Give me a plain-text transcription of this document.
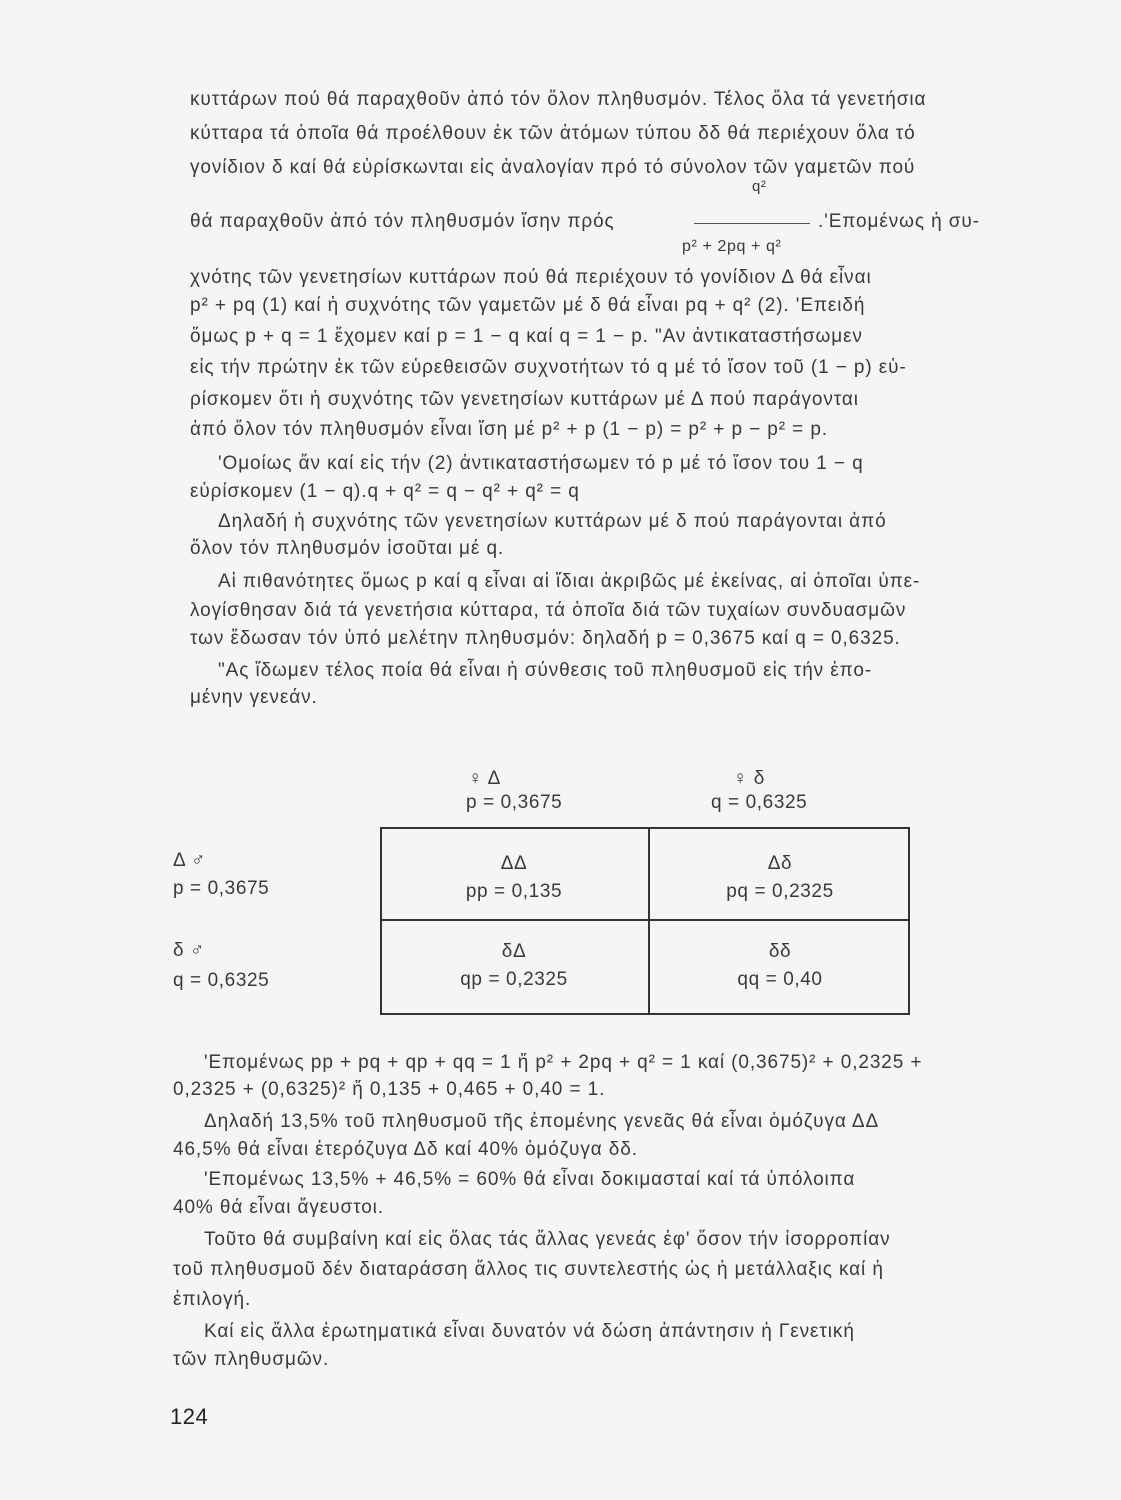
κυττάρων πού θά παραχθοῦν ἀπό τόν ὅλον πληθυσμόν. Τέλος ὅλα τά γενετήσια
κύτταρα τά ὁποῖα θά προέλθουν ἐκ τῶν ἀτόμων τύπου δδ θά περιέχουν ὅλα τό
γονίδιον δ καί θά εὑρίσκωνται εἰς ἀναλογίαν πρό τό σύνολον τῶν γαμετῶν πού
q²
θά παραχθοῦν ἀπό τόν πληθυσμόν ἴσην πρός	.'Επομένως ἡ συ-
p² + 2pq + q²
χνότης τῶν γενετησίων κυττάρων πού θά περιέχουν τό γονίδιον Δ θά εἶναι
p² + pq (1) καί ἡ συχνότης τῶν γαμετῶν μέ δ θά εἶναι pq + q² (2). 'Επειδή
ὅμως p + q = 1 ἔχομεν καί p = 1 − q καί q = 1 − p. "Αν ἀντικαταστήσωμεν
εἰς τήν πρώτην ἐκ τῶν εὑρεθεισῶν συχνοτήτων τό q μέ τό ἴσον τοῦ (1 − p) εὑ-
ρίσκομεν ὅτι ἡ συχνότης τῶν γενετησίων κυττάρων μέ Δ πού παράγονται
ἀπό ὅλον τόν πληθυσμόν εἶναι ἴση μέ p² + p (1 − p) = p² + p − p² = p.
'Ομοίως ἄν καί εἰς τήν (2) ἀντικαταστήσωμεν τό p μέ τό ἴσον του 1 − q
εὑρίσκομεν (1 − q).q + q² = q − q² + q² = q
Δηλαδή ἡ συχνότης τῶν γενετησίων κυττάρων μέ δ πού παράγονται ἀπό
ὅλον τόν πληθυσμόν ἰσοῦται μέ q.
Αἱ πιθανότητες ὅμως p καί q εἶναι αἱ ἴδιαι ἀκριβῶς μέ ἐκείνας, αἱ ὁποῖαι ὑπε-
λογίσθησαν διά τά γενετήσια κύτταρα, τά ὁποῖα διά τῶν τυχαίων συνδυασμῶν
των ἔδωσαν τόν ὑπό μελέτην πληθυσμόν: δηλαδή p = 0,3675 καί q = 0,6325.
"Ας ἴδωμεν τέλος ποία θά εἶναι ἡ σύνθεσις τοῦ πληθυσμοῦ εἰς τήν ἑπο-
μένην γενεάν.
♀ Δ
p = 0,3675
♀ δ
q = 0,6325
Δ ♂
p = 0,3675
δ ♂
q = 0,6325
ΔΔ
pp = 0,135
Δδ
pq = 0,2325
δΔ
qp = 0,2325
δδ
qq = 0,40
'Επομένως pp + pq + qp + qq = 1 ἤ p² + 2pq + q² = 1 καί (0,3675)² + 0,2325 +
0,2325 + (0,6325)² ἤ 0,135 + 0,465 + 0,40 = 1.
Δηλαδή 13,5% τοῦ πληθυσμοῦ τῆς ἑπομένης γενεᾶς θά εἶναι ὁμόζυγα ΔΔ
46,5% θά εἶναι ἑτερόζυγα Δδ καί 40% ὁμόζυγα δδ.
'Επομένως 13,5% + 46,5% = 60% θά εἶναι δοκιμασταί καί τά ὑπόλοιπα
40% θά εἶναι ἄγευστοι.
Τοῦτο θά συμβαίνη καί εἰς ὅλας τάς ἄλλας γενεάς ἐφ' ὅσον τήν ἰσορροπίαν
τοῦ πληθυσμοῦ δέν διαταράσση ἄλλος τις συντελεστής ὡς ἡ μετάλλαξις καί ἡ
ἐπιλογή.
Καί εἰς ἄλλα ἐρωτηματικά εἶναι δυνατόν νά δώση ἀπάντησιν ἡ Γενετική
τῶν πληθυσμῶν.
124
